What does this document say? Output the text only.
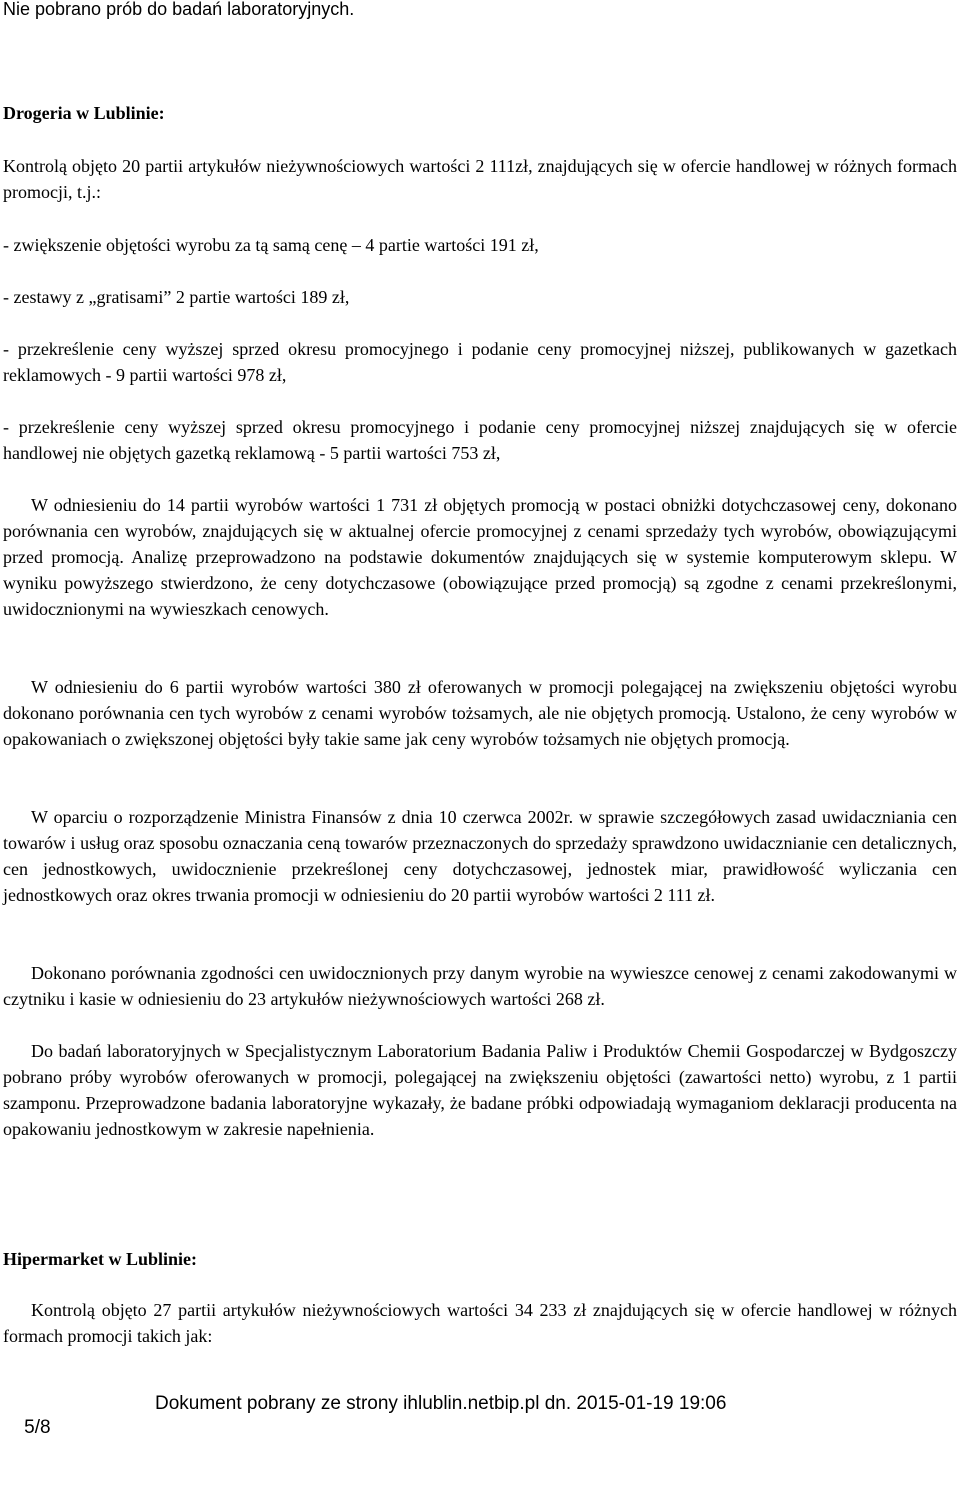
Nie pobrano prób do badań laboratoryjnych.
Drogeria w Lublinie:
Kontrolą objęto 20 partii artykułów nieżywnościowych wartości 2 111zł, znajdujących się w ofercie handlowej w różnych formach promocji, t.j.:
- zwiększenie objętości wyrobu za tą samą cenę – 4 partie wartości 191 zł,
- zestawy z „gratisami” 2 partie wartości 189 zł,
- przekreślenie ceny wyższej sprzed okresu promocyjnego i podanie ceny promocyjnej niższej, publikowanych w gazetkach reklamowych - 9 partii wartości 978 zł,
- przekreślenie ceny wyższej sprzed okresu promocyjnego i podanie ceny promocyjnej niższej znajdujących się w ofercie handlowej nie objętych gazetką reklamową - 5 partii wartości 753 zł,
W odniesieniu do 14 partii wyrobów wartości 1 731 zł objętych promocją w postaci obniżki dotychczasowej ceny, dokonano porównania cen wyrobów, znajdujących się w aktualnej ofercie promocyjnej z cenami sprzedaży tych wyrobów, obowiązującymi przed promocją. Analizę przeprowadzono na podstawie dokumentów znajdujących się w systemie komputerowym sklepu. W wyniku powyższego stwierdzono, że ceny dotychczasowe (obowiązujące przed promocją) są zgodne z cenami przekreślonymi, uwidocznionymi na wywieszkach cenowych.
W odniesieniu do 6 partii wyrobów wartości 380 zł oferowanych w promocji polegającej na zwiększeniu objętości wyrobu dokonano porównania cen tych wyrobów z cenami wyrobów tożsamych, ale nie objętych promocją. Ustalono, że ceny wyrobów w opakowaniach o zwiększonej objętości były takie same jak ceny wyrobów tożsamych nie objętych promocją.
W oparciu o rozporządzenie Ministra Finansów z dnia 10 czerwca 2002r. w sprawie szczegółowych zasad uwidaczniania cen towarów i usług oraz sposobu oznaczania ceną towarów przeznaczonych do sprzedaży sprawdzono uwidacznianie cen detalicznych, cen jednostkowych, uwidocznienie przekreślonej ceny dotychczasowej, jednostek miar, prawidłowość wyliczania cen jednostkowych oraz okres trwania promocji w odniesieniu do 20 partii wyrobów wartości 2 111 zł.
Dokonano porównania zgodności cen uwidocznionych przy danym wyrobie na wywieszce cenowej z cenami zakodowanymi w czytniku i kasie w odniesieniu do 23 artykułów nieżywnościowych wartości 268 zł.
Do badań laboratoryjnych w Specjalistycznym Laboratorium Badania Paliw i Produktów Chemii Gospodarczej w Bydgoszczy pobrano próby wyrobów oferowanych w promocji, polegającej na zwiększeniu objętości (zawartości netto) wyrobu, z 1 partii szamponu. Przeprowadzone badania laboratoryjne wykazały, że badane próbki odpowiadają wymaganiom deklaracji producenta na opakowaniu jednostkowym w zakresie napełnienia.
Hipermarket w Lublinie:
Kontrolą objęto 27 partii artykułów nieżywnościowych wartości 34 233 zł znajdujących się w ofercie handlowej w różnych formach promocji takich jak:

5/8

Dokument pobrany ze strony ihlublin.netbip.pl dn. 2015-01-19 19:06
